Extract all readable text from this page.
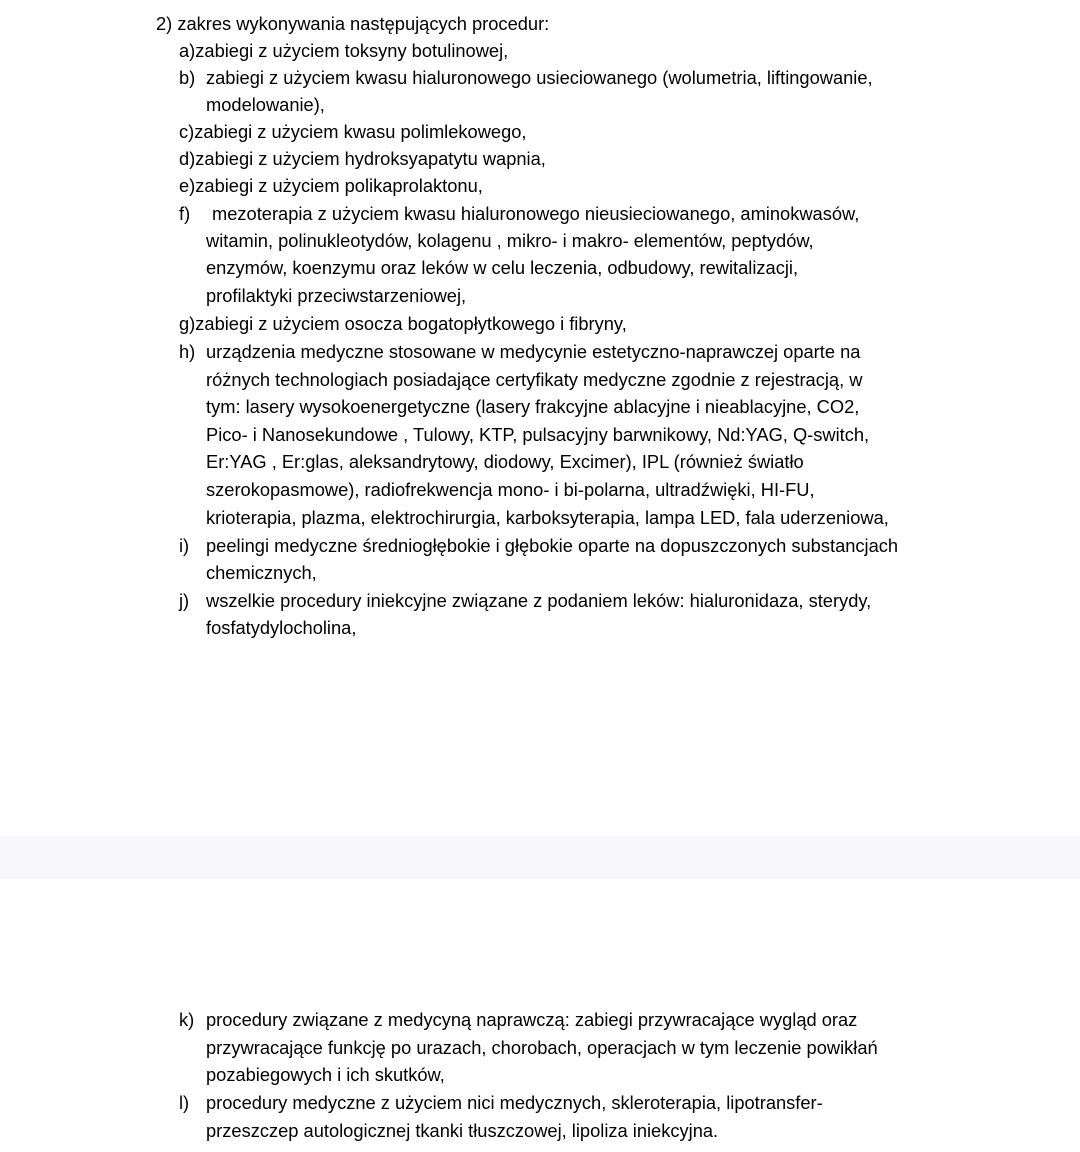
2) zakres wykonywania następujących procedur:
a)zabiegi z użyciem toksyny botulinowej,
b) zabiegi z użyciem kwasu hialuronowego usieciowanego (wolumetria, liftingowanie,
modelowanie),
c)zabiegi z użyciem kwasu polimlekowego,
d)zabiegi z użyciem hydroksyapatytu wapnia,
e)zabiegi z użyciem polikaprolaktonu,
f) mezoterapia z użyciem kwasu hialuronowego nieusieciowanego, aminokwasów,
witamin, polinukleotydów, kolagenu , mikro- i makro- elementów, peptydów,
enzymów, koenzymu oraz leków w celu leczenia, odbudowy, rewitalizacji,
profilaktyki przeciwstarzeniowej,
g)zabiegi z użyciem osocza bogatopłytkowego i fibryny,
h) urządzenia medyczne stosowane w medycynie estetyczno-naprawczej oparte na
różnych technologiach posiadające certyfikaty medyczne zgodnie z rejestracją, w
tym: lasery wysokoenergetyczne (lasery frakcyjne ablacyjne i nieablacyjne, CO2,
Pico- i Nanosekundowe , Tulowy, KTP, pulsacyjny barwnikowy, Nd:YAG, Q-switch,
Er:YAG , Er:glas, aleksandrytowy, diodowy, Excimer), IPL (również światło
szerokopasmowe), radiofrekwencja mono- i bi-polarna, ultradźwięki, HI-FU,
krioterapia, plazma, elektrochirurgia, karboksyterapia, lampa LED, fala uderzeniowa,
i) peelingi medyczne średniogłębokie i głębokie oparte na dopuszczonych substancjach
chemicznych,
j) wszelkie procedury iniekcyjne związane z podaniem leków: hialuronidaza, sterydy,
fosfatydylocholina,
k) procedury związane z medycyną naprawczą: zabiegi przywracające wygląd oraz
przywracające funkcję po urazach, chorobach, operacjach w tym leczenie powikłań
pozabiegowych i ich skutków,
l) procedury medyczne z użyciem nici medycznych, skleroterapia, lipotransfer-
przeszczep autologicznej tkanki tłuszczowej, lipoliza iniekcyjna.
